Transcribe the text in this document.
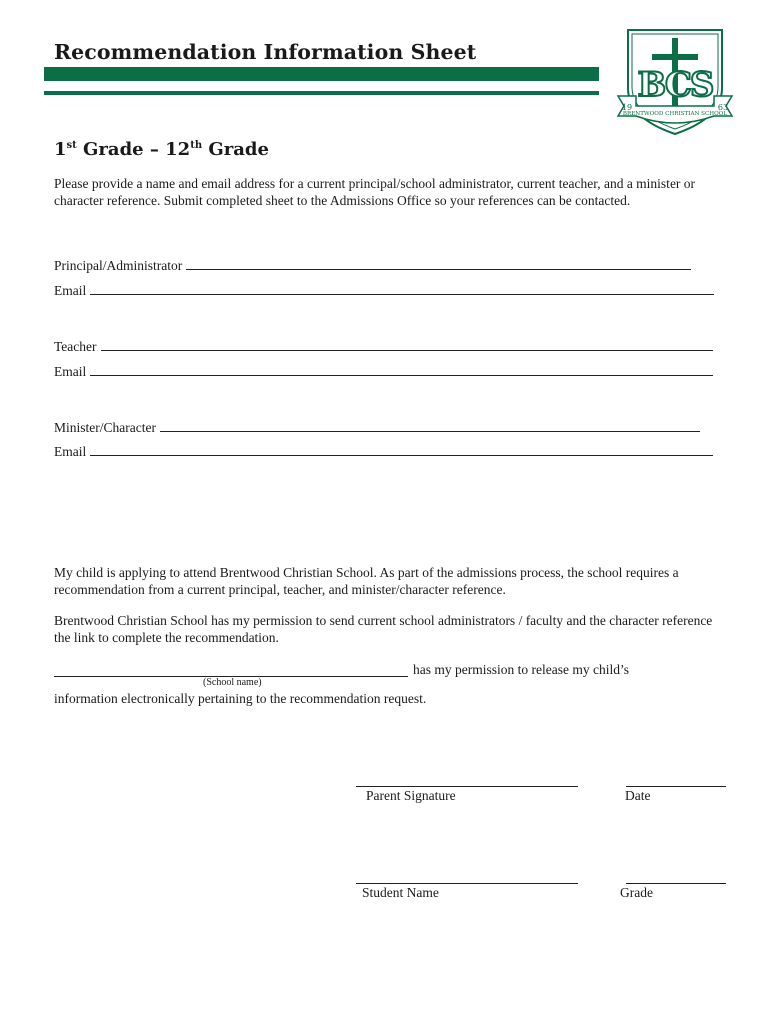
Recommendation Information Sheet
BCS
19	63
BRENTWOOD CHRISTIAN SCHOOL
1st Grade – 12th Grade
Please provide a name and email address for a current principal/school administrator, current teacher, and a minister or character reference. Submit completed sheet to the Admissions Office so your references can be contacted.
Principal/Administrator
Email
Teacher
Email
Minister/Character
Email
My child is applying to attend Brentwood Christian School. As part of the admissions process, the school requires a recommendation from a current principal, teacher, and minister/character reference.
Brentwood Christian School has my permission to send current school administrators / faculty and the character reference the link to complete the recommendation.
has my permission to release my child’s
(School name)
information electronically pertaining to the recommendation request.
Parent Signature	Date
Student Name	Grade
